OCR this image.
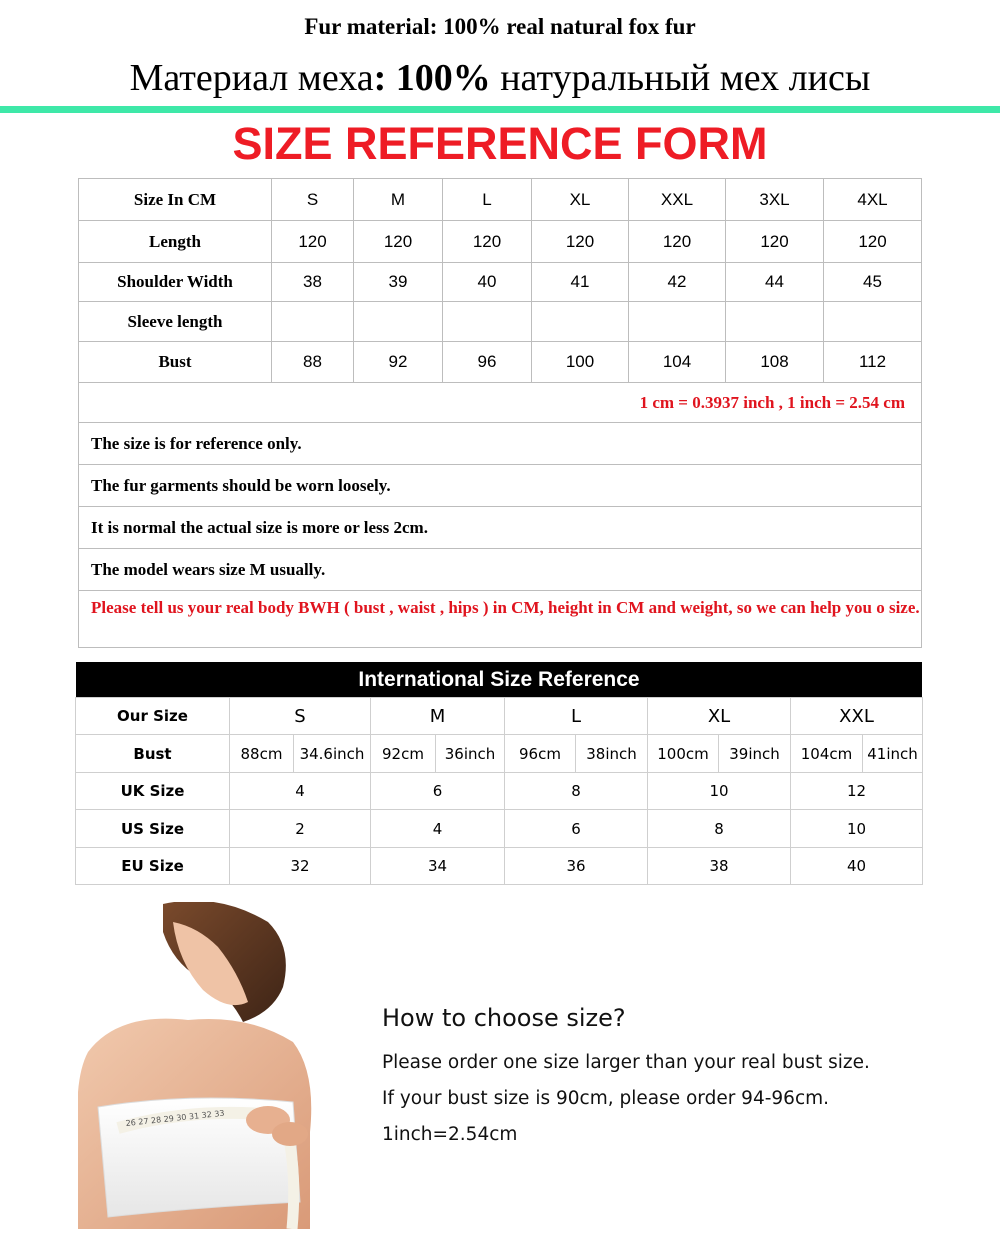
Fur material: 100% real natural fox fur
Материал меха: 100% натуральный мех лисы
SIZE REFERENCE FORM
Size In CM	S	M	L	XL	XXL	3XL	4XL
Length	120	120	120	120	120	120	120
Shoulder Width	38	39	40	41	42	44	45
Sleeve length							
Bust	88	92	96	100	104	108	112
1 cm = 0.3937 inch , 1 inch = 2.54 cm							
The size is for reference only.							
The fur garments should be worn loosely.							
It is normal the actual size is more or less 2cm.							
The model wears size M usually.							
Please tell us your real body BWH ( bust , waist , hips ) in CM, height in CM and weight, so we can help you o size.							
International Size Reference
Our Size	S		M		L		XL		XXL	
Bust	88cm	34.6inch	92cm	36inch	96cm	38inch	100cm	39inch	104cm	41inch
UK Size	4		6		8		10		12	
US Size	2		4		6		8		10	
EU Size	32		34		36		38		40	
26 27 28 29 30 31 32 33
How to choose size?
Please order one size larger than your real bust size.
If your bust size is 90cm, please order 94-96cm.
1inch=2.54cm
